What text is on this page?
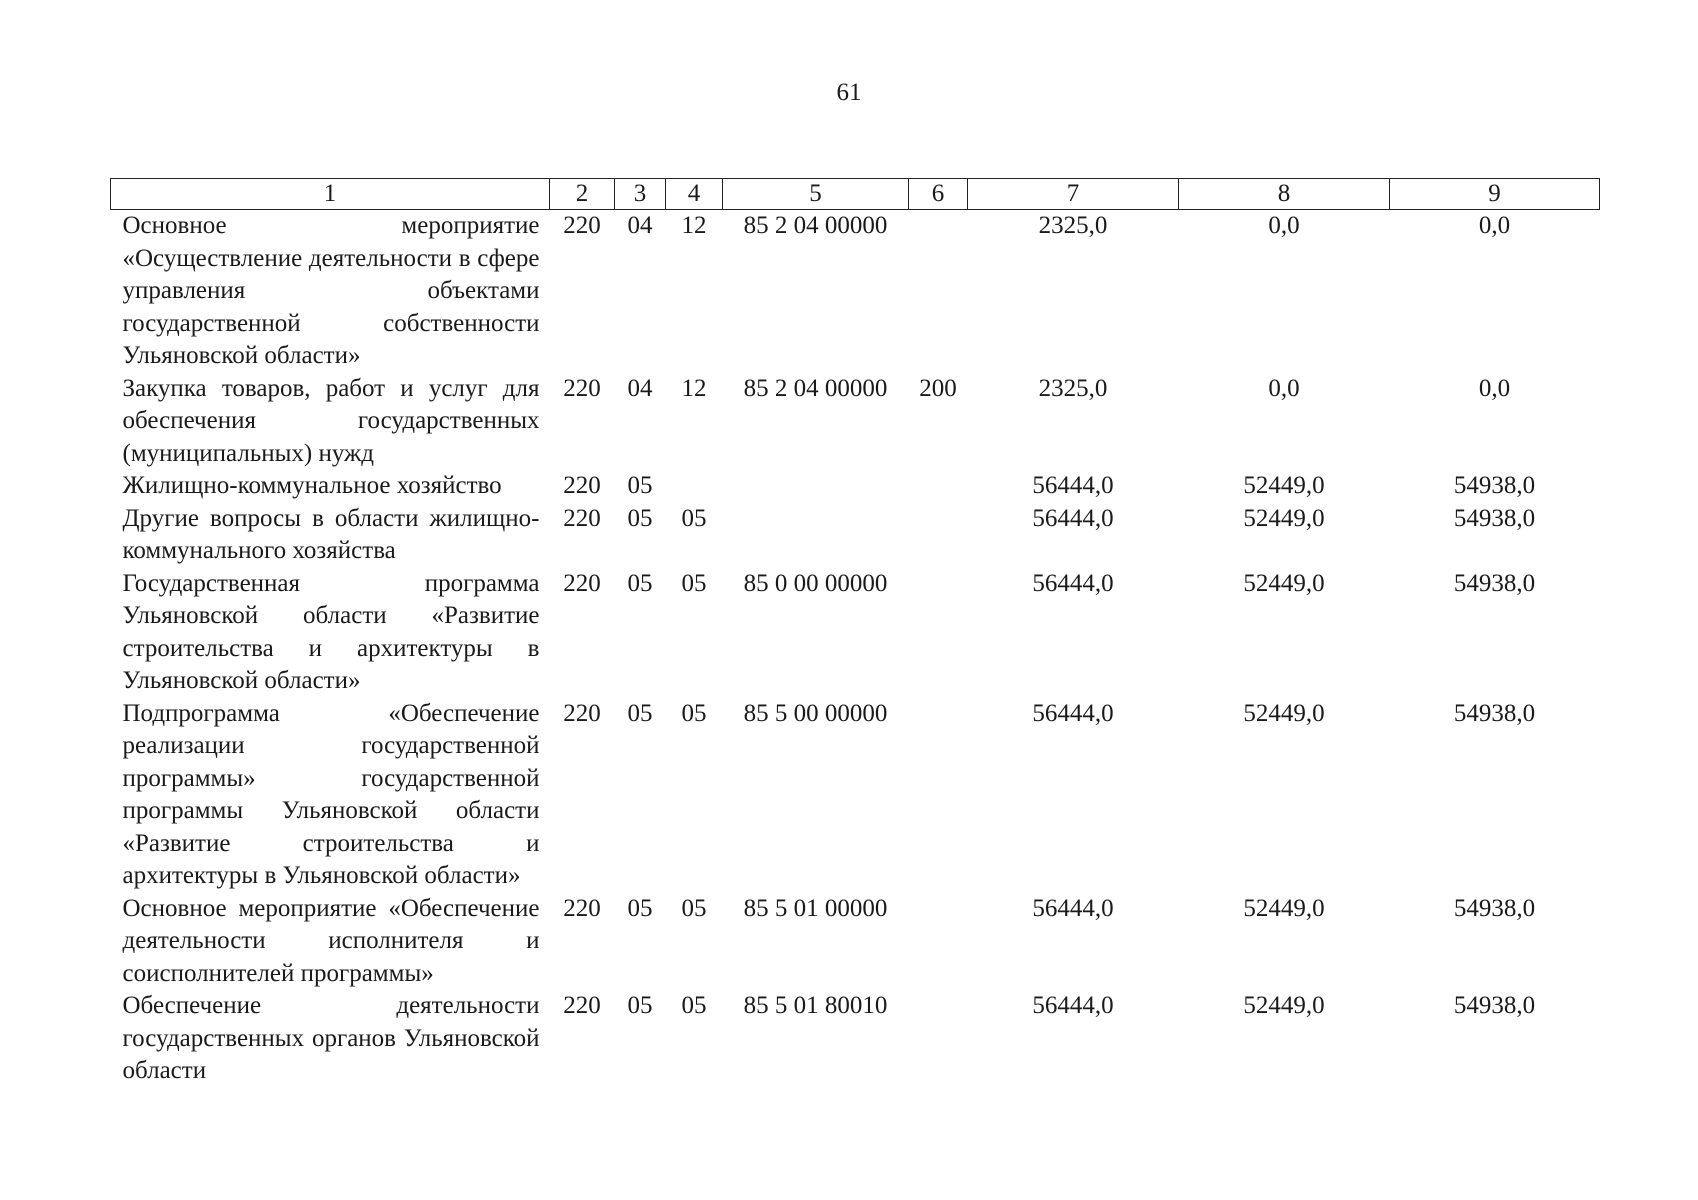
61
1	2	3	4	5	6	7	8	9
Основное мероприятие «Осуществление деятельности в сфере управления объектами государственной собственности Ульяновской области»	220	04	12	85 2 04 00000		2325,0	0,0	0,0
Закупка товаров, работ и услуг для обеспечения государственных (муниципальных) нужд	220	04	12	85 2 04 00000	200	2325,0	0,0	0,0
Жилищно-коммунальное хозяйство	220	05				56444,0	52449,0	54938,0
Другие вопросы в области жилищно-коммунального хозяйства	220	05	05			56444,0	52449,0	54938,0
Государственная программа Ульяновской области «Развитие строительства и архитектуры в Ульяновской области»	220	05	05	85 0 00 00000		56444,0	52449,0	54938,0
Подпрограмма «Обеспечение реализации государственной программы» государственной программы Ульяновской области «Развитие строительства и архитектуры в Ульяновской области»	220	05	05	85 5 00 00000		56444,0	52449,0	54938,0
Основное мероприятие «Обеспечение деятельности исполнителя и соисполнителей программы»	220	05	05	85 5 01 00000		56444,0	52449,0	54938,0
Обеспечение деятельности государственных органов Ульяновской области	220	05	05	85 5 01 80010		56444,0	52449,0	54938,0
